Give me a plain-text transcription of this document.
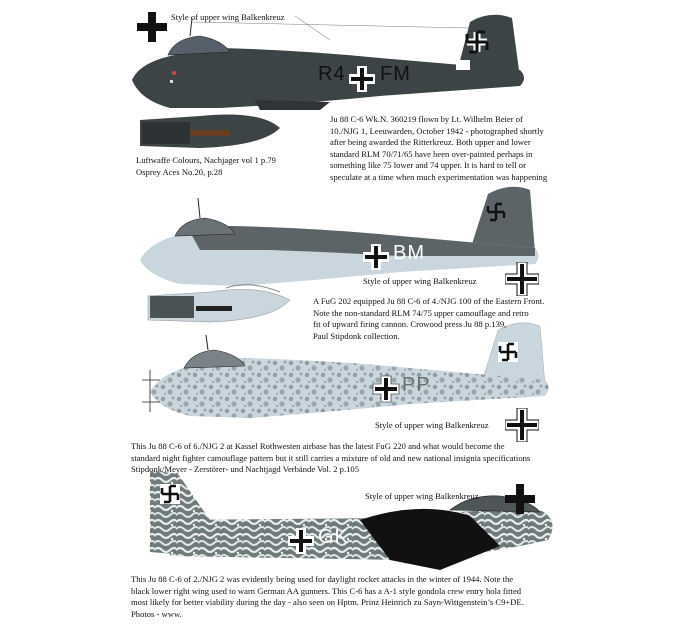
R4 FM
BM
PP
GK
Style of upper wing Balkenkreuz
Ju 88 C-6 Wk.N. 360219 flown by Lt. Wilhelm Beier of
10./NJG 1, Leeuwarden, October 1942 - photographed shortly
after being awarded the Ritterkreuz. Both upper and lower
standard RLM 70/71/65 have been over-painted perhaps in
something like 75 lower and 74 upper. It is hard to tell or
speculate at a time when much experimentation was happening
Luftwaffe Colours, Nachjager vol 1 p.79
Osprey Aces No.20, p.28
Style of upper wing Balkenkreuz
A FuG 202 equipped Ju 88 C-6 of 4./NJG 100 of the Eastern Front.
Note the non-standard RLM 74/75 upper camouflage and retro
fit of upward firing cannon. Crowood press Ju 88 p.139,
Paul Stipdonk collection.
Style of upper wing Balkenkreuz
This Ju 88 C-6 of 6./NJG 2 at Kassel Rothwesten airbase has the latest FuG 220 and what would become the
standard night fighter camouflage pattern but it still carries a mixture of old and new national insignia specifications
Stipdonk/Meyer - Zerstörer- und Nachtjagd Verbände Vol. 2 p.105
Style of upper wing Balkenkreuz
This Ju 88 C-6 of 2./NJG 2 was evidently being used for daylight rocket attacks in the winter of 1944. Note the
black lower right wing used to warn German AA gunners. This C-6 has a A-1 style gondola crew entry hola fitted
most likely for better viability during the day - also seen on Hptm. Prinz Heinrich zu Sayn-Wittgenstein’s C9+DE.
Photos - www.
